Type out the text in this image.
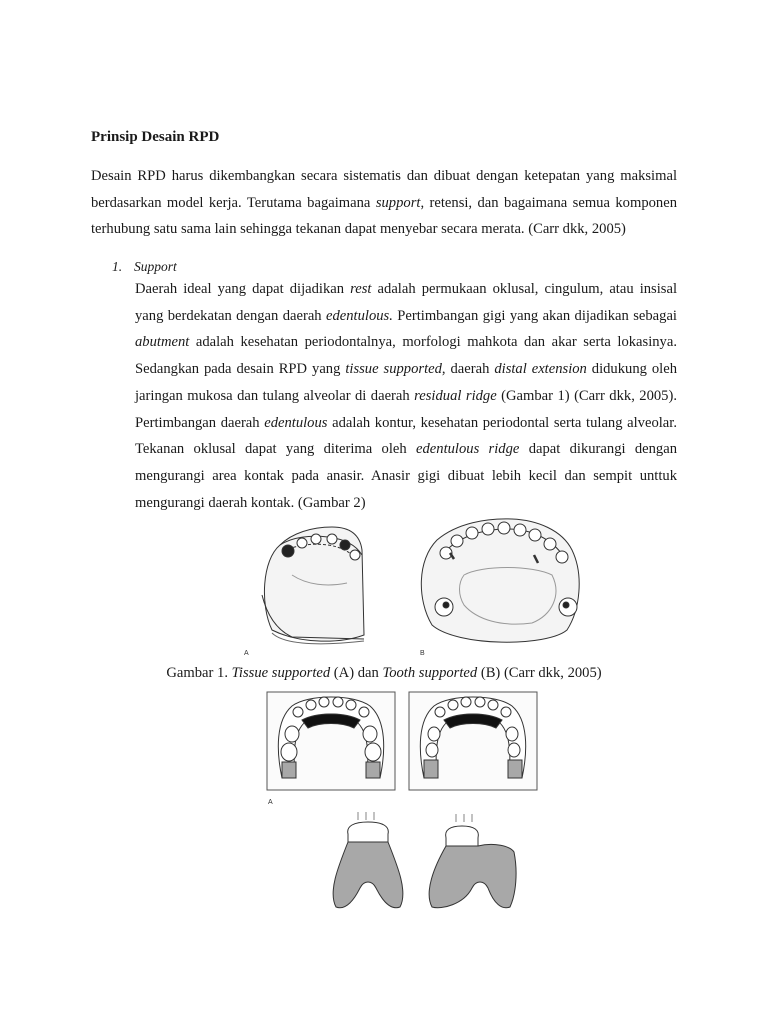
Prinsip Desain RPD

Desain RPD harus dikembangkan secara sistematis dan dibuat dengan ketepatan yang maksimal berdasarkan model kerja. Terutama bagaimana support, retensi, dan bagaimana semua komponen terhubung satu sama lain sehingga tekanan dapat menyebar secara merata. (Carr dkk, 2005)

1. Support

Daerah ideal yang dapat dijadikan rest adalah permukaan oklusal, cingulum, atau insisal yang berdekatan dengan daerah edentulous. Pertimbangan gigi yang akan dijadikan sebagai abutment adalah kesehatan periodontalnya, morfologi mahkota dan akar serta lokasinya. Sedangkan pada desain RPD yang tissue supported, daerah distal extension didukung oleh jaringan mukosa dan tulang alveolar di daerah residual ridge (Gambar 1) (Carr dkk, 2005). Pertimbangan daerah edentulous adalah kontur, kesehatan periodontal serta tulang alveolar. Tekanan oklusal dapat yang diterima oleh edentulous ridge dapat dikurangi dengan mengurangi area kontak pada anasir. Anasir gigi dibuat lebih kecil dan sempit unttuk mengurangi daerah kontak. (Gambar 2)

A	B
Gambar 1. Tissue supported (A) dan Tooth supported (B) (Carr dkk, 2005)
A
